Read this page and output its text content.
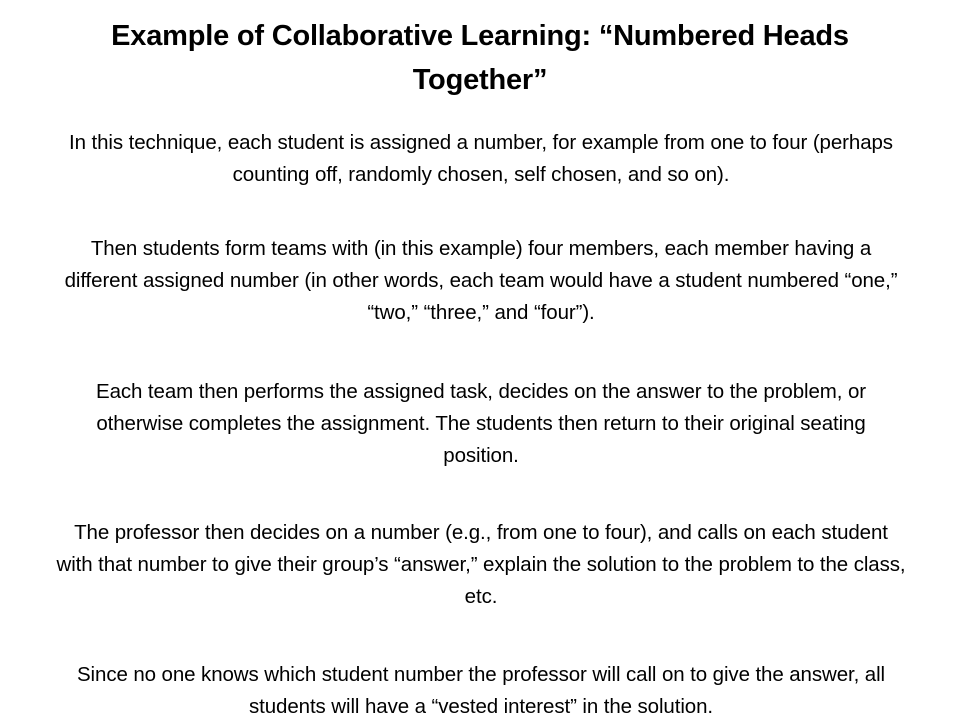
Example of Collaborative Learning: “Numbered Heads Together”
In this technique, each student is assigned a number, for example from one to four (perhaps counting off, randomly chosen, self chosen, and so on).
Then students form teams with (in this example) four members, each member having a different assigned number (in other words, each team would have a student numbered “one,” “two,” “three,” and “four”).
Each team then performs the assigned task, decides on the answer to the problem, or otherwise completes the assignment. The students then return to their original seating position.
The professor then decides on a number (e.g., from one to four), and calls on each student with that number to give their group’s “answer,” explain the solution to the problem to the class, etc.
Since no one knows which student number the professor will call on to give the answer, all students will have a “vested interest” in the solution.
